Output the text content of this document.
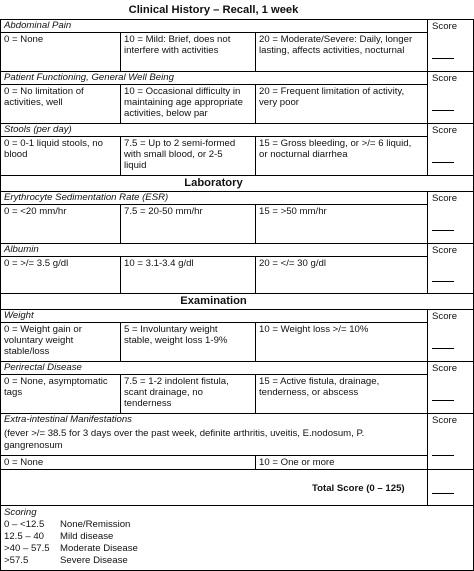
Clinical History – Recall, 1 week
Laboratory
Examination
Abdominal Pain
0 = None	10 = Mild: Brief, does not
interfere with activities
20 = Moderate/Severe: Daily, longer
lasting, affects activities, nocturnal
Score
Patient Functioning, General Well Being
0 = No limitation of
activities, well
10 = Occasional difficulty in
maintaining age appropriate
activities, below par
20 = Frequent limitation of activity,
very poor
Score
Stools (per day)
0 = 0-1 liquid stools, no
blood
7.5 = Up to 2 semi-formed
with small blood, or 2-5
liquid
15 = Gross bleeding, or >/= 6 liquid,
or nocturnal diarrhea
Score
Erythrocyte Sedimentation Rate (ESR)
0 = <20 mm/hr	7.5 = 20-50 mm/hr	15 = >50 mm/hr
Score
Albumin
0 = >/= 3.5 g/dl	10 = 3.1-3.4 g/dl	20 = </= 30 g/dl
Score
Weight
0 = Weight gain or
voluntary weight
stable/loss
5 = Involuntary weight
stable, weight loss 1-9%
10 = Weight loss >/= 10%
Score
Perirectal Disease
0 = None, asymptomatic
tags
7.5 = 1-2 indolent fistula,
scant drainage, no
tenderness
15 = Active fistula, drainage,
tenderness, or abscess
Score
Extra-intestinal Manifestations
(fever >/= 38.5 for 3 days over the past week, definite arthritis, uveitis, E.nodosum, P.
gangrenosum
0 = None	10 = One or more
Score
Total Score (0 – 125)
Scoring
0 – <12.5 None/Remission
12.5 – 40 Mild disease
>40 – 57.5 Moderate Disease
>57.5	Severe Disease
